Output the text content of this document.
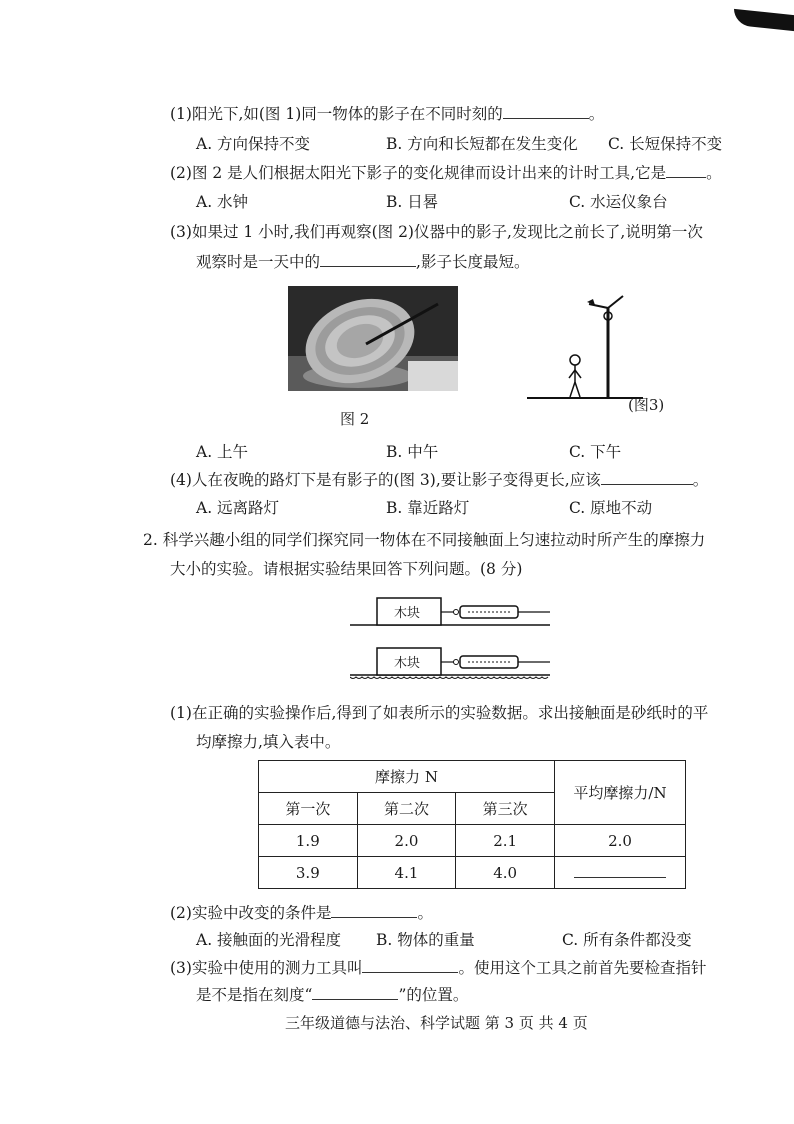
(1)阳光下,如(图 1)同一物体的影子在不同时刻的	。
A. 方向保持不变	B. 方向和长短都在发生变化 C. 长短保持不变
(2)图 2 是人们根据太阳光下影子的变化规律而设计出来的计时工具,它是	。
A. 水钟	B. 日晷	C. 水运仪象台
(3)如果过 1 小时,我们再观察(图 2)仪器中的影子,发现比之前长了,说明第一次
观察时是一天中的	,影子长度最短。
图 2
(图3)
A. 上午	B. 中午	C. 下午
(4)人在夜晚的路灯下是有影子的(图 3),要让影子变得更长,应该	。
A. 远离路灯	B. 靠近路灯	C. 原地不动
2. 科学兴趣小组的同学们探究同一物体在不同接触面上匀速拉动时所产生的摩擦力
大小的实验。请根据实验结果回答下列问题。(8 分)
木块
木块
(1)在正确的实验操作后,得到了如表所示的实验数据。求出接触面是砂纸时的平
均摩擦力,填入表中。
摩擦力 N			平均摩擦力/N
第一次	第二次	第三次	
1.9	2.0	2.1	2.0
3.9	4.1	4.0	
(2)实验中改变的条件是	。
A. 接触面的光滑程度 B. 物体的重量	C. 所有条件都没变
(3)实验中使用的测力工具叫	。使用这个工具之前首先要检查指针
是不是指在刻度“	”的位置。
三年级道德与法治、科学试题 第 3 页 共 4 页
